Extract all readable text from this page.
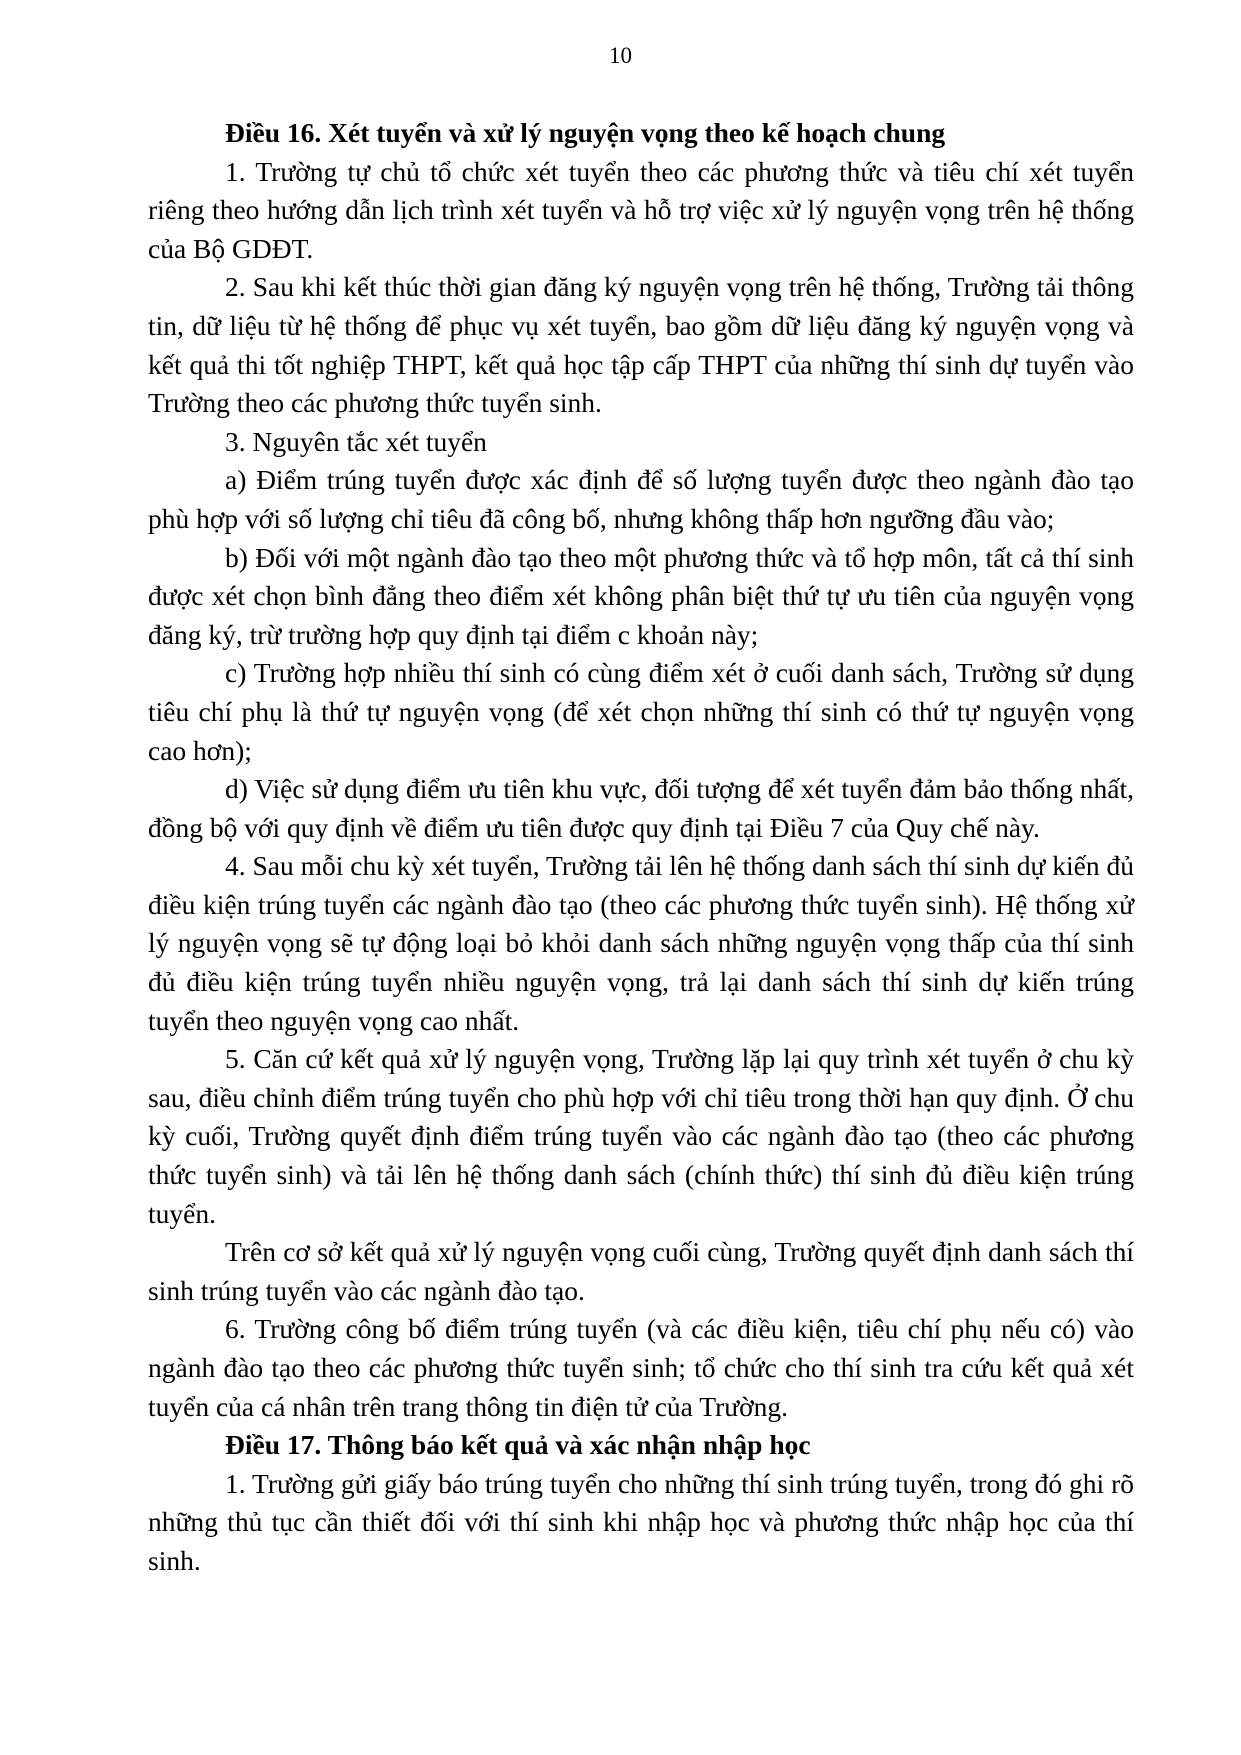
10

Điều 16. Xét tuyển và xử lý nguyện vọng theo kế hoạch chung

1. Trường tự chủ tổ chức xét tuyển theo các phương thức và tiêu chí xét tuyển riêng theo hướng dẫn lịch trình xét tuyển và hỗ trợ việc xử lý nguyện vọng trên hệ thống của Bộ GDĐT.

2. Sau khi kết thúc thời gian đăng ký nguyện vọng trên hệ thống, Trường tải thông tin, dữ liệu từ hệ thống để phục vụ xét tuyển, bao gồm dữ liệu đăng ký nguyện vọng và kết quả thi tốt nghiệp THPT, kết quả học tập cấp THPT của những thí sinh dự tuyển vào Trường theo các phương thức tuyển sinh.

3. Nguyên tắc xét tuyển

a) Điểm trúng tuyển được xác định để số lượng tuyển được theo ngành đào tạo phù hợp với số lượng chỉ tiêu đã công bố, nhưng không thấp hơn ngưỡng đầu vào;

b) Đối với một ngành đào tạo theo một phương thức và tổ hợp môn, tất cả thí sinh được xét chọn bình đẳng theo điểm xét không phân biệt thứ tự ưu tiên của nguyện vọng đăng ký, trừ trường hợp quy định tại điểm c khoản này;

c) Trường hợp nhiều thí sinh có cùng điểm xét ở cuối danh sách, Trường sử dụng tiêu chí phụ là thứ tự nguyện vọng (để xét chọn những thí sinh có thứ tự nguyện vọng cao hơn);

d) Việc sử dụng điểm ưu tiên khu vực, đối tượng để xét tuyển đảm bảo thống nhất, đồng bộ với quy định về điểm ưu tiên được quy định tại Điều 7 của Quy chế này.

4. Sau mỗi chu kỳ xét tuyển, Trường tải lên hệ thống danh sách thí sinh dự kiến đủ điều kiện trúng tuyển các ngành đào tạo (theo các phương thức tuyển sinh). Hệ thống xử lý nguyện vọng sẽ tự động loại bỏ khỏi danh sách những nguyện vọng thấp của thí sinh đủ điều kiện trúng tuyển nhiều nguyện vọng, trả lại danh sách thí sinh dự kiến trúng tuyển theo nguyện vọng cao nhất.

5. Căn cứ kết quả xử lý nguyện vọng, Trường lặp lại quy trình xét tuyển ở chu kỳ sau, điều chỉnh điểm trúng tuyển cho phù hợp với chỉ tiêu trong thời hạn quy định. Ở chu kỳ cuối, Trường quyết định điểm trúng tuyển vào các ngành đào tạo (theo các phương thức tuyển sinh) và tải lên hệ thống danh sách (chính thức) thí sinh đủ điều kiện trúng tuyển.

Trên cơ sở kết quả xử lý nguyện vọng cuối cùng, Trường quyết định danh sách thí sinh trúng tuyển vào các ngành đào tạo.

6. Trường công bố điểm trúng tuyển (và các điều kiện, tiêu chí phụ nếu có) vào ngành đào tạo theo các phương thức tuyển sinh; tổ chức cho thí sinh tra cứu kết quả xét tuyển của cá nhân trên trang thông tin điện tử của Trường.

Điều 17. Thông báo kết quả và xác nhận nhập học

1. Trường gửi giấy báo trúng tuyển cho những thí sinh trúng tuyển, trong đó ghi rõ những thủ tục cần thiết đối với thí sinh khi nhập học và phương thức nhập học của thí sinh.
